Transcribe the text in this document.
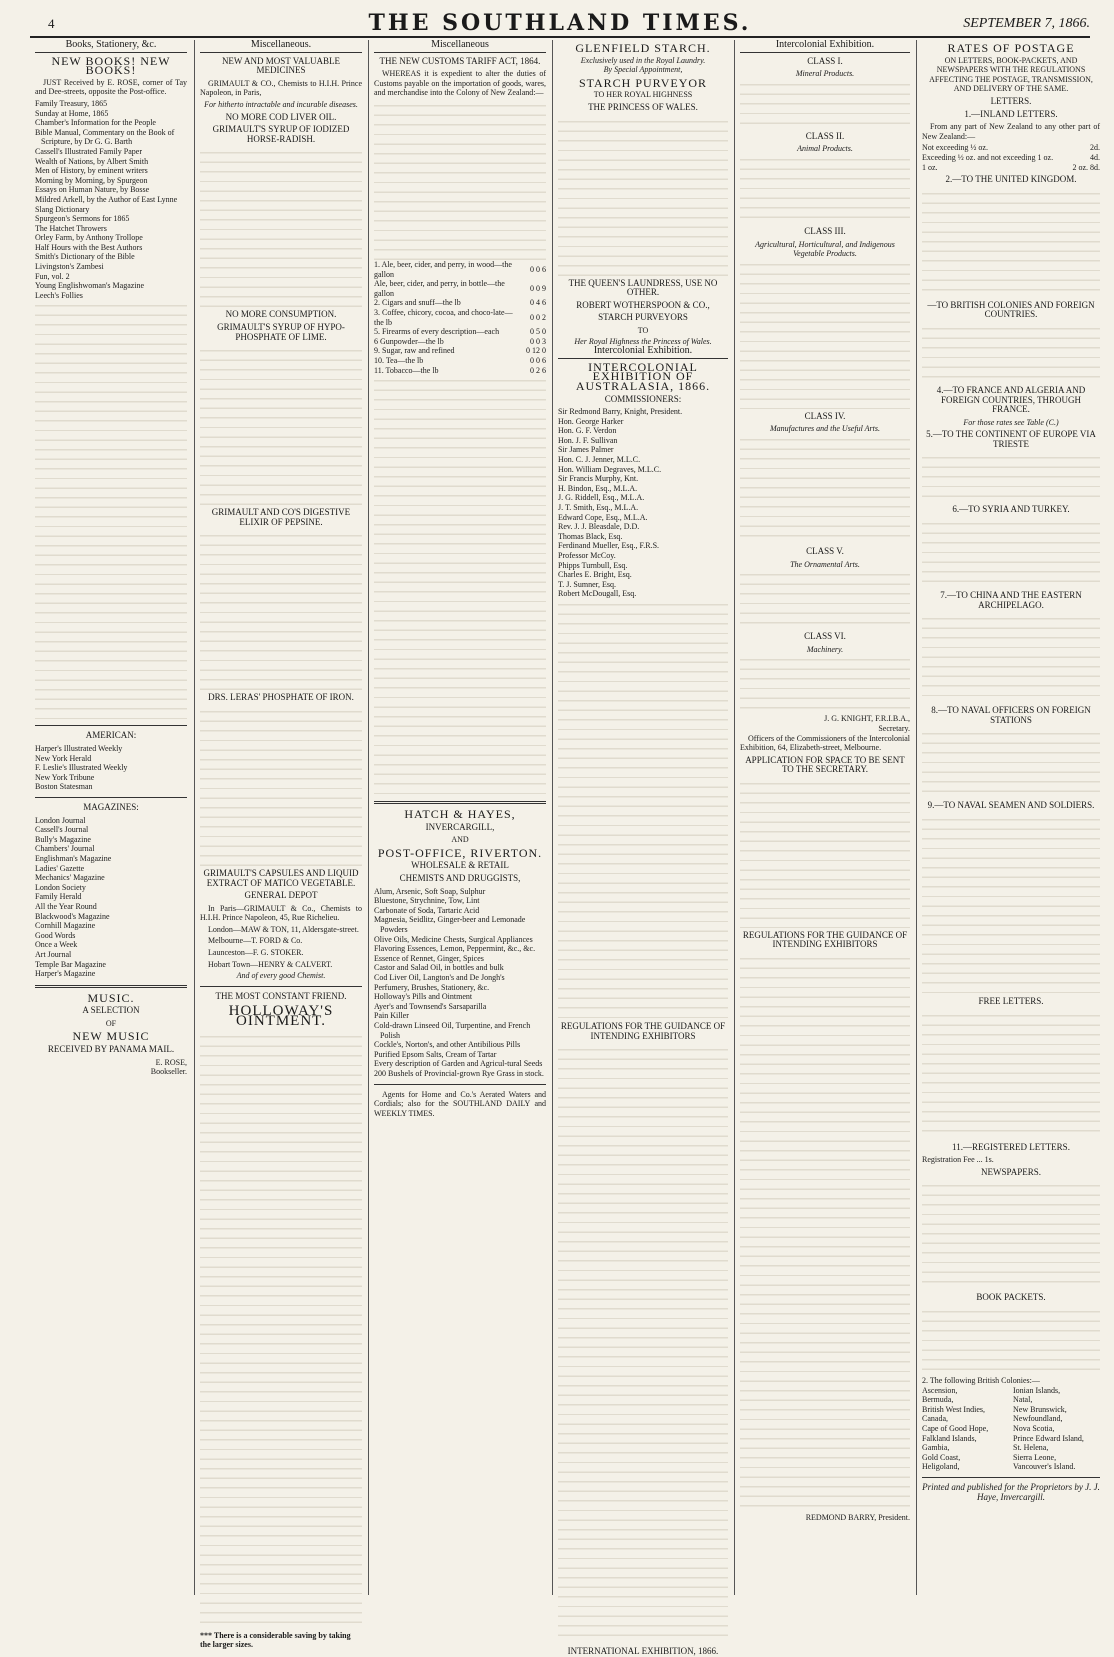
4	THE SOUTHLAND TIMES.	SEPTEMBER 7, 1866.
Books, Stationery, &c.
NEW BOOKS! NEW BOOKS!

JUST Received by E. ROSE, corner of Tay and Dee-streets, opposite the Post-office.

Family Treasury, 1865
Sunday at Home, 1865
Chamber's Information for the People
Bible Manual, Commentary on the Book of Scripture, by Dr G. G. Barth
Cassell's Illustrated Family Paper
Wealth of Nations, by Albert Smith
Men of History, by eminent writers
Morning by Morning, by Spurgeon
Essays on Human Nature, by Bosse
Mildred Arkell, by the Author of East Lynne
Slang Dictionary
Spurgeon's Sermons for 1865
The Hatchet Throwers
Orley Farm, by Anthony Trollope
Half Hours with the Best Authors
Smith's Dictionary of the Bible
Livingston's Zambesi
Fun, vol. 2
Young Englishwoman's Magazine
Leech's Follies
AMERICAN:
Harper's Illustrated Weekly
New York Herald
F. Leslie's Illustrated Weekly
New York Tribune
Boston Statesman
MAGAZINES:
London Journal
Cassell's Journal
Bully's Magazine
Chambers' Journal
Englishman's Magazine
Ladies' Gazette
Mechanics' Magazine
London Society
Family Herald
All the Year Round
Blackwood's Magazine
Cornhill Magazine
Good Words
Once a Week
Art Journal
Temple Bar Magazine
Harper's Magazine
MUSIC.
A SELECTION
OF
NEW MUSIC
RECEIVED BY PANAMA MAIL.
E. ROSE,
Bookseller.
Miscellaneous.
NEW AND MOST VALUABLE MEDICINES

GRIMAULT & CO., Chemists to H.I.H. Prince Napoleon, in Paris,

For hitherto intractable and incurable diseases.
NO MORE COD LIVER OIL.
GRIMAULT'S SYRUP OF IODIZED HORSE-RADISH.
NO MORE CONSUMPTION.
GRIMAULT'S SYRUP OF HYPO-PHOSPHATE OF LIME.
GRIMAULT AND CO'S DIGESTIVE ELIXIR OF PEPSINE.
DRS. LERAS' PHOSPHATE OF IRON.
GRIMAULT'S CAPSULES AND LIQUID EXTRACT OF MATICO VEGETABLE.
GENERAL DEPOT

In Paris—GRIMAULT & Co., Chemists to H.I.H. Prince Napoleon, 45, Rue Richelieu.

London—MAW & TON, 11, Aldersgate-street.

Melbourne—T. FORD & Co.

Launceston—F. G. STOKER.

Hobart Town—HENRY & CALVERT.

And of every good Chemist.
THE MOST CONSTANT FRIEND.
HOLLOWAY'S OINTMENT.
*** There is a considerable saving by taking the larger sizes.
Miscellaneous
THE NEW CUSTOMS TARIFF ACT, 1864.

WHEREAS it is expedient to alter the duties of Customs payable on the importation of goods, wares, and merchandise into the Colony of New Zealand:—

1. Ale, beer, cider, and perry, in wood—the gallon	0 0 6
Ale, beer, cider, and perry, in bottle—the gallon	0 0 9
2. Cigars and snuff—the lb	0 4 6
3. Coffee, chicory, cocoa, and choco-late—the lb	0 0 2
5. Firearms of every description—each	0 5 0
6 Gunpowder—the lb	0 0 3
9. Sugar, raw and refined	0 12 0
10. Tea—the lb	0 0 6
11. Tobacco—the lb	0 2 6
HATCH & HAYES,
INVERCARGILL,
AND
POST-OFFICE, RIVERTON.
WHOLESALE & RETAIL
CHEMISTS AND DRUGGISTS,
Alum, Arsenic, Soft Soap, Sulphur
Bluestone, Strychnine, Tow, Lint
Carbonate of Soda, Tartaric Acid
Magnesia, Seidlitz, Ginger-beer and Lemonade Powders
Olive Oils, Medicine Chests, Surgical Appliances
Flavoring Essences, Lemon, Peppermint, &c., &c.
Essence of Rennet, Ginger, Spices
Castor and Salad Oil, in bottles and bulk
Cod Liver Oil, Langton's and De Jongh's
Perfumery, Brushes, Stationery, &c.
Holloway's Pills and Ointment
Ayer's and Townsend's Sarsaparilla
Pain Killer
Cold-drawn Linseed Oil, Turpentine, and French Polish
Cockle's, Norton's, and other Antibilious Pills
Purified Epsom Salts, Cream of Tartar
Every description of Garden and Agricul-tural Seeds
200 Bushels of Provincial-grown Rye Grass in stock.

Agents for Home and Co.'s Aerated Waters and Cordials; also for the SOUTHLAND DAILY and WEEKLY TIMES.

GLENFIELD STARCH.
Exclusively used in the Royal Laundry.
By Special Appointment,
STARCH PURVEYOR
TO HER ROYAL HIGHNESS
THE PRINCESS OF WALES.
THE QUEEN'S LAUNDRESS, USE NO OTHER.
ROBERT WOTHERSPOON & CO.,
STARCH PURVEYORS
TO
Her Royal Highness the Princess of Wales.
Intercolonial Exhibition.
INTERCOLONIAL EXHIBITION OF AUSTRALASIA, 1866.
COMMISSIONERS:
Sir Redmond Barry, Knight, President.
Hon. George Harker
Hon. G. F. Verdon
Hon. J. F. Sullivan
Sir James Palmer
Hon. C. J. Jenner, M.L.C.
Hon. William Degraves, M.L.C.
Sir Francis Murphy, Knt.
H. Bindon, Esq., M.L.A.
J. G. Riddell, Esq., M.L.A.
J. T. Smith, Esq., M.L.A.
Edward Cope, Esq., M.L.A.
Rev. J. J. Bleasdale, D.D.
Thomas Black, Esq.
Ferdinand Mueller, Esq., F.R.S.
Professor McCoy.
Phipps Turnbull, Esq.
Charles E. Bright, Esq.
T. J. Sumner, Esq.
Robert McDougall, Esq.
REGULATIONS FOR THE GUIDANCE OF INTENDING EXHIBITORS
INTERNATIONAL EXHIBITION, 1866.
Intercolonial Exhibition.
CLASS I.
Mineral Products.
CLASS II.
Animal Products.
CLASS III.
Agricultural, Horticultural, and Indigenous Vegetable Products.
CLASS IV.
Manufactures and the Useful Arts.
CLASS V.
The Ornamental Arts.
CLASS VI.
Machinery.
J. G. KNIGHT, F.R.I.B.A.,
Secretary.

Officers of the Commissioners of the Intercolonial Exhibition, 64, Elizabeth-street, Melbourne.

APPLICATION FOR SPACE TO BE SENT TO THE SECRETARY.
REGULATIONS FOR THE GUIDANCE OF INTENDING EXHIBITORS
REDMOND BARRY, President.
RATES OF POSTAGE
ON LETTERS, BOOK-PACKETS, AND NEWSPAPERS WITH THE REGULATIONS AFFECTING THE POSTAGE, TRANSMISSION, AND DELIVERY OF THE SAME.
LETTERS.
1.—INLAND LETTERS.

From any part of New Zealand to any other part of New Zealand:—

Not exceeding ½ oz.	2d.
Exceeding ½ oz. and not exceeding 1 oz.	4d.
1 oz.	2 oz. 8d.
2.—TO THE UNITED KINGDOM.
—TO BRITISH COLONIES AND FOREIGN COUNTRIES.
4.—TO FRANCE AND ALGERIA AND FOREIGN COUNTRIES, THROUGH FRANCE.
For those rates see Table (C.)
5.—TO THE CONTINENT OF EUROPE VIA TRIESTE
6.—TO SYRIA AND TURKEY.
7.—TO CHINA AND THE EASTERN ARCHIPELAGO.
8.—TO NAVAL OFFICERS ON FOREIGN STATIONS
9.—TO NAVAL SEAMEN AND SOLDIERS.
FREE LETTERS.
11.—REGISTERED LETTERS.
Registration Fee ... 1s.
NEWSPAPERS.
BOOK PACKETS.
2. The following British Colonies:—
Ascension,
Bermuda,
British West Indies,
Canada,
Cape of Good Hope,
Falkland Islands,
Gambia,
Gold Coast,
Heligoland,
Ionian Islands,
Natal,
New Brunswick,
Newfoundland,
Nova Scotia,
Prince Edward Island,
St. Helena,
Sierra Leone,
Vancouver's Island.
Printed and published for the Proprietors by J. J. Haye, Invercargill.
